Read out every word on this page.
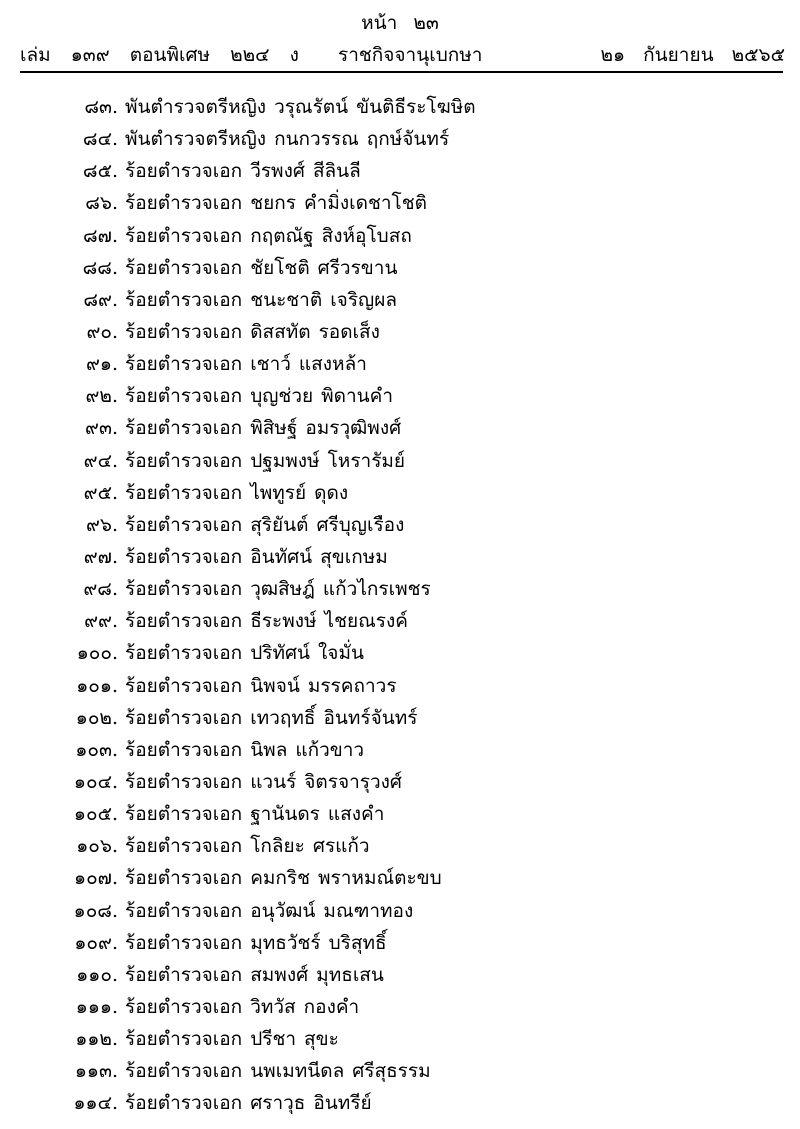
หน้า ๒๓
เล่ม ๑๓๙ ตอนพิเศษ ๒๒๔ ง	ราชกิจจานุเบกษา	๒๑ กันยายน ๒๕๖๕
๘๓. พันตำรวจตรีหญิง วรุณรัตน์ ขันติธีระโฆษิต
๘๔. พันตำรวจตรีหญิง กนกวรรณ ฤกษ์จันทร์
๘๕. ร้อยตำรวจเอก วีรพงศ์ สีลินลี
๘๖. ร้อยตำรวจเอก ชยกร คำมิ่งเดชาโชติ
๘๗. ร้อยตำรวจเอก กฤตณัฐ สิงห์อุโบสถ
๘๘. ร้อยตำรวจเอก ชัยโชติ ศรีวรขาน
๘๙. ร้อยตำรวจเอก ชนะชาติ เจริญผล
๙๐. ร้อยตำรวจเอก ดิสสทัต รอดเส็ง
๙๑. ร้อยตำรวจเอก เชาว์ แสงหล้า
๙๒. ร้อยตำรวจเอก บุญช่วย พิดานคำ
๙๓. ร้อยตำรวจเอก พิสิษฐ์ อมรวุฒิพงศ์
๙๔. ร้อยตำรวจเอก ปฐมพงษ์ โหรารัมย์
๙๕. ร้อยตำรวจเอก ไพทูรย์ ดุดง
๙๖. ร้อยตำรวจเอก สุริยันต์ ศรีบุญเรือง
๙๗. ร้อยตำรวจเอก อินทัศน์ สุขเกษม
๙๘. ร้อยตำรวจเอก วุฒสิษฎ์ แก้วไกรเพชร
๙๙. ร้อยตำรวจเอก ธีระพงษ์ ไชยณรงค์
๑๐๐. ร้อยตำรวจเอก ปริทัศน์ ใจมั่น
๑๐๑. ร้อยตำรวจเอก นิพจน์ มรรคถาวร
๑๐๒. ร้อยตำรวจเอก เทวฤทธิ์ อินทร์จันทร์
๑๐๓. ร้อยตำรวจเอก นิพล แก้วขาว
๑๐๔. ร้อยตำรวจเอก แวนร์ จิตรจารุวงศ์
๑๐๕. ร้อยตำรวจเอก ฐานันดร แสงคำ
๑๐๖. ร้อยตำรวจเอก โกลิยะ ศรแก้ว
๑๐๗. ร้อยตำรวจเอก คมกริช พราหมณ์ตะขบ
๑๐๘. ร้อยตำรวจเอก อนุวัฒน์ มณฑาทอง
๑๐๙. ร้อยตำรวจเอก มุทธวัชร์ บริสุทธิ์
๑๑๐. ร้อยตำรวจเอก สมพงศ์ มุทธเสน
๑๑๑. ร้อยตำรวจเอก วิทวัส กองคำ
๑๑๒. ร้อยตำรวจเอก ปรีชา สุขะ
๑๑๓. ร้อยตำรวจเอก นพเมทนีดล ศรีสุธรรม
๑๑๔. ร้อยตำรวจเอก ศราวุธ อินทรีย์
